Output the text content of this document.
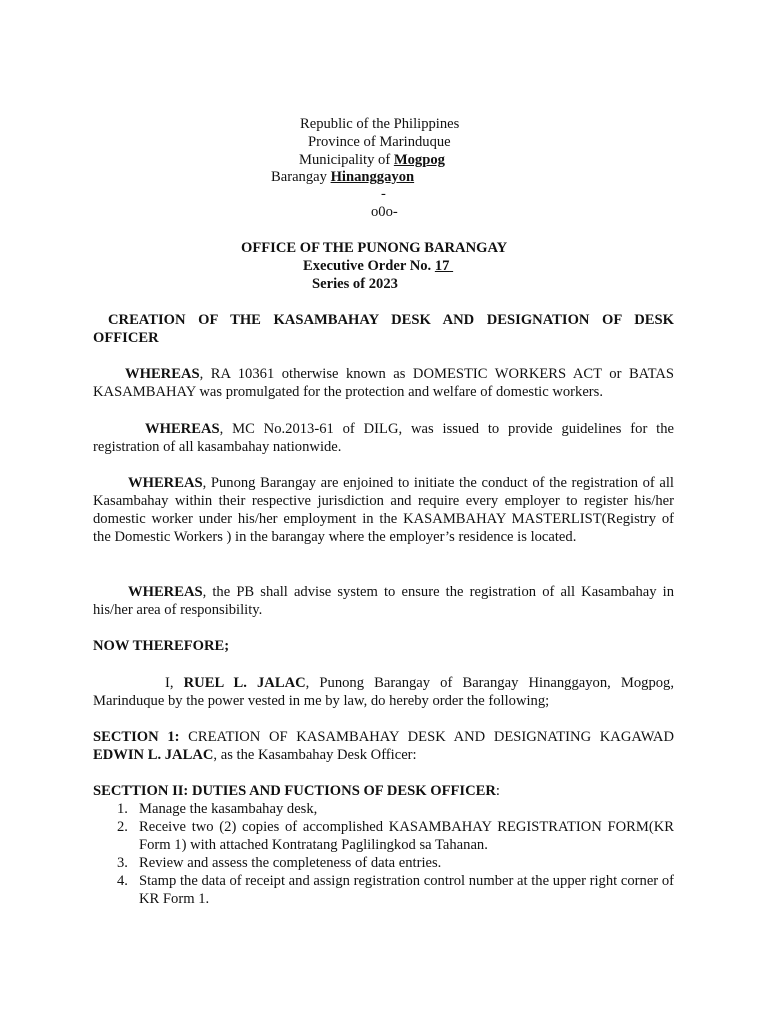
Republic of the Philippines

Province of Marinduque

Municipality of Mogpog

Barangay Hinanggayon

-

o0o-

OFFICE OF THE PUNONG BARANGAY

Executive Order No. 17

Series of 2023

CREATION OF THE KASAMBAHAY DESK AND DESIGNATION OF DESK OFFICER

WHEREAS, RA 10361 otherwise known as DOMESTIC WORKERS ACT or BATAS KASAMBAHAY was promulgated for the protection and welfare of domestic workers.

WHEREAS, MC No.2013-61 of DILG, was issued to provide guidelines for the registration of all kasambahay nationwide.

WHEREAS, Punong Barangay are enjoined to initiate the conduct of the registration of all Kasambahay within their respective jurisdiction and require every employer to register his/her domestic worker under his/her employment in the KASAMBAHAY MASTERLIST(Registry of the Domestic Workers ) in the barangay where the employer’s residence is located.

WHEREAS, the PB shall advise system to ensure the registration of all Kasambahay in his/her area of responsibility.

NOW THEREFORE;

I, RUEL L. JALAC, Punong Barangay of Barangay Hinanggayon, Mogpog, Marinduque by the power vested in me by law, do hereby order the following;

SECTION 1: CREATION OF KASAMBAHAY DESK AND DESIGNATING KAGAWAD EDWIN L. JALAC, as the Kasambahay Desk Officer:

SECTTION II: DUTIES AND FUCTIONS OF DESK OFFICER:

1. Manage the kasambahay desk,
2. Receive two (2) copies of accomplished KASAMBAHAY REGISTRATION FORM(KR Form 1) with attached Kontratang Paglilingkod sa Tahanan.
3. Review and assess the completeness of data entries.
4. Stamp the data of receipt and assign registration control number at the upper right corner of KR Form 1.
